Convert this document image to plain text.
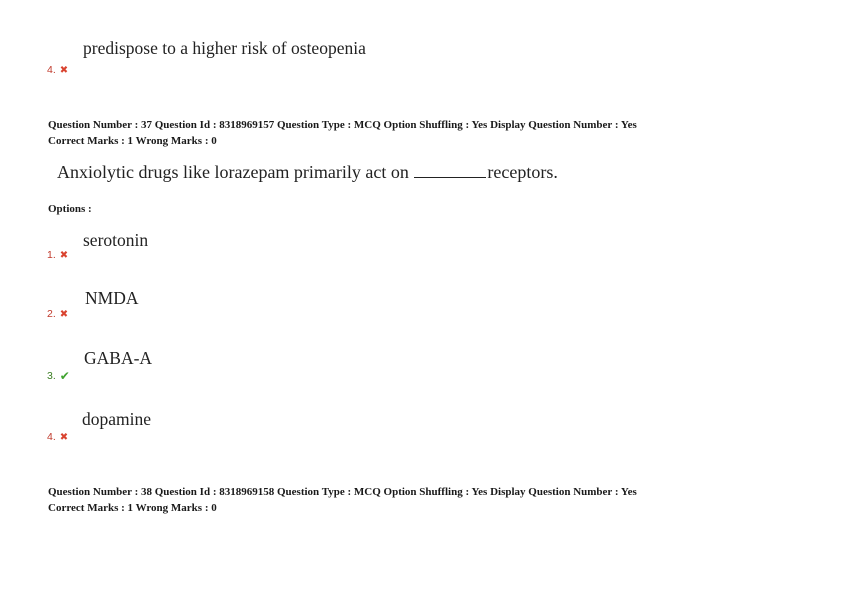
predispose to a higher risk of osteopenia
4. ✖
Question Number : 37 Question Id : 8318969157 Question Type : MCQ Option Shuffling : Yes Display Question Number : Yes
Correct Marks : 1 Wrong Marks : 0
Anxiolytic drugs like lorazepam primarily act on	receptors.
Options :
serotonin
1. ✖
NMDA
2. ✖
GABA-A
3. ✔
dopamine
4. ✖
Question Number : 38 Question Id : 8318969158 Question Type : MCQ Option Shuffling : Yes Display Question Number : Yes
Correct Marks : 1 Wrong Marks : 0
